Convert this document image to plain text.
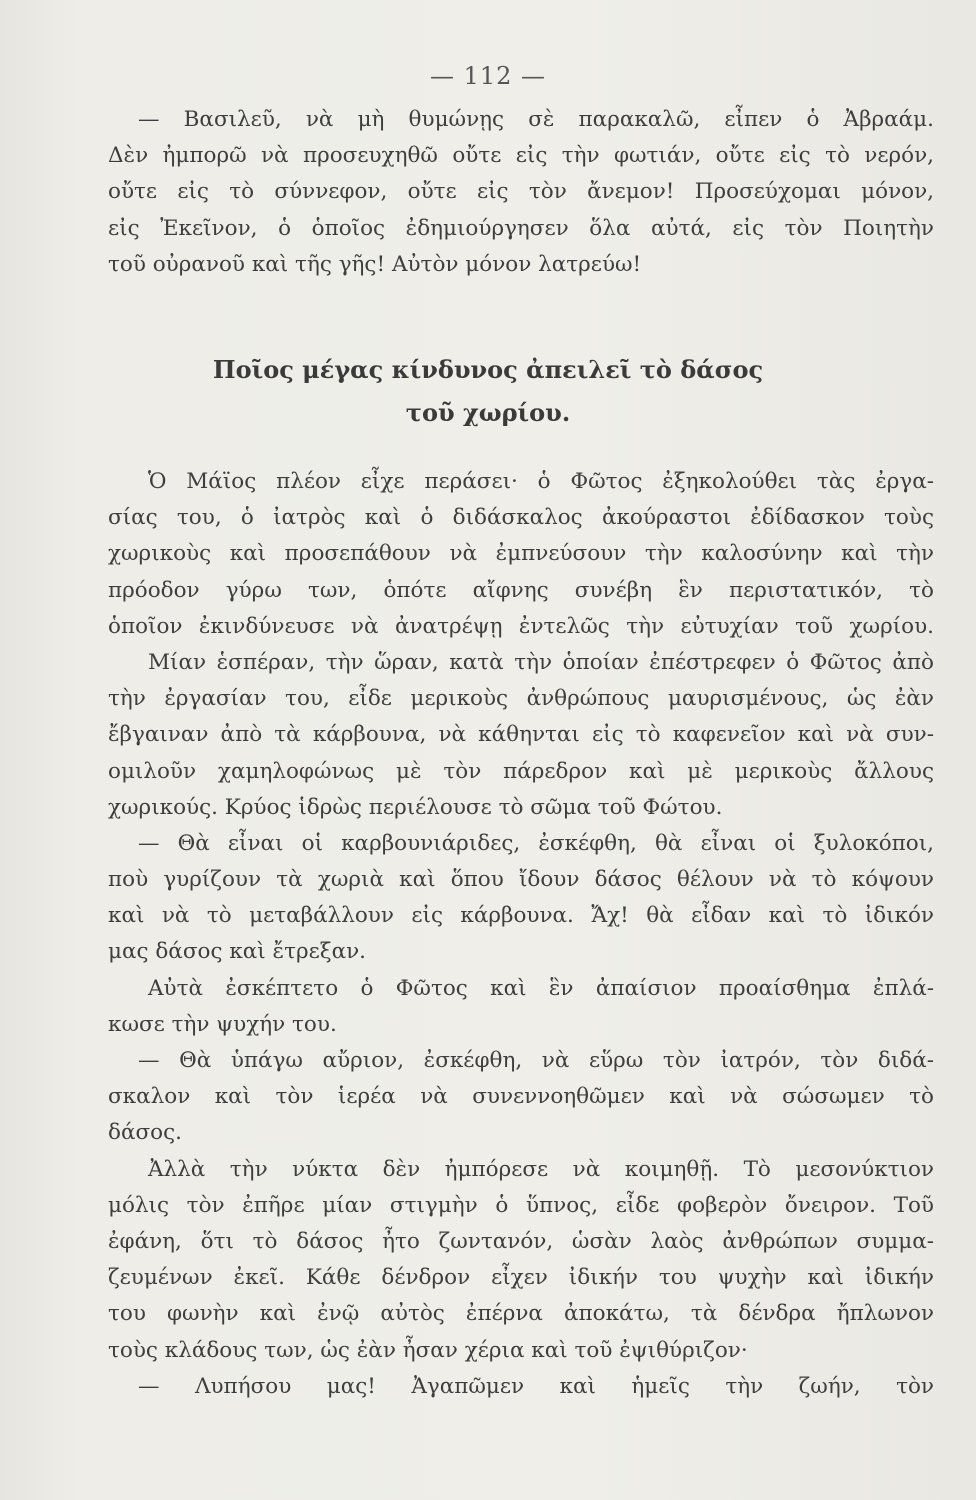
— 112 —
— Βασιλεῦ, νὰ μὴ θυμώνῃς σὲ παρακαλῶ, εἶπεν ὁ Ἀβραάμ.
Δὲν ἠμπορῶ νὰ προσευχηθῶ οὔτε εἰς τὴν φωτιάν, οὔτε εἰς τὸ νερόν,
οὔτε εἰς τὸ σύννεφον, οὔτε εἰς τὸν ἄνεμον! Προσεύχομαι μόνον,
εἰς Ἐκεῖνον, ὁ ὁποῖος ἐδημιούργησεν ὅλα αὐτά, εἰς τὸν Ποιητὴν
τοῦ οὐρανοῦ καὶ τῆς γῆς! Αὐτὸν μόνον λατρεύω!
Ποῖος μέγας κίνδυνος ἀπειλεῖ τὸ δάσος
τοῦ χωρίου.
Ὁ Μάϊος πλέον εἶχε περάσει· ὁ Φῶτος ἐξηκολούθει τὰς ἐργα-
σίας του, ὁ ἰατρὸς καὶ ὁ διδάσκαλος ἀκούραστοι ἐδίδασκον τοὺς
χωρικοὺς καὶ προσεπάθουν νὰ ἐμπνεύσουν τὴν καλοσύνην καὶ τὴν
πρόοδον γύρω των, ὁπότε αἴφνης συνέβη ἓν περιστατικόν, τὸ
ὁποῖον ἐκινδύνευσε νὰ ἀνατρέψῃ ἐντελῶς τὴν εὐτυχίαν τοῦ χωρίου.
Μίαν ἑσπέραν, τὴν ὥραν, κατὰ τὴν ὁποίαν ἐπέστρεφεν ὁ Φῶτος ἀπὸ
τὴν ἐργασίαν του, εἶδε μερικοὺς ἀνθρώπους μαυρισμένους, ὡς ἐὰν
ἔβγαιναν ἀπὸ τὰ κάρβουνα, νὰ κάθηνται εἰς τὸ καφενεῖον καὶ νὰ συν-
ομιλοῦν χαμηλοφώνως μὲ τὸν πάρεδρον καὶ μὲ μερικοὺς ἄλλους
χωρικούς. Κρύος ἱδρὼς περιέλουσε τὸ σῶμα τοῦ Φώτου.
— Θὰ εἶναι οἱ καρβουνιάριδες, ἐσκέφθη, θὰ εἶναι οἱ ξυλοκόποι,
ποὺ γυρίζουν τὰ χωριὰ καὶ ὅπου ἴδουν δάσος θέλουν νὰ τὸ κόψουν
καὶ νὰ τὸ μεταβάλλουν εἰς κάρβουνα. Ἄχ! θὰ εἶδαν καὶ τὸ ἰδικόν
μας δάσος καὶ ἔτρεξαν.
Αὐτὰ ἐσκέπτετο ὁ Φῶτος καὶ ἓν ἀπαίσιον προαίσθημα ἐπλά-
κωσε τὴν ψυχήν του.
— Θὰ ὑπάγω αὔριον, ἐσκέφθη, νὰ εὕρω τὸν ἰατρόν, τὸν διδά-
σκαλον καὶ τὸν ἱερέα νὰ συνεννοηθῶμεν καὶ νὰ σώσωμεν τὸ
δάσος.
Ἀλλὰ τὴν νύκτα δὲν ἠμπόρεσε νὰ κοιμηθῇ. Τὸ μεσονύκτιον
μόλις τὸν ἐπῆρε μίαν στιγμὴν ὁ ὕπνος, εἶδε φοβερὸν ὄνειρον. Τοῦ
ἐφάνη, ὅτι τὸ δάσος ἦτο ζωντανόν, ὡσὰν λαὸς ἀνθρώπων συμμα-
ζευμένων ἐκεῖ. Κάθε δένδρον εἶχεν ἰδικήν του ψυχὴν καὶ ἰδικήν
του φωνὴν καὶ ἐνῷ αὐτὸς ἐπέρνα ἀποκάτω, τὰ δένδρα ἤπλωνον
τοὺς κλάδους των, ὡς ἐὰν ἦσαν χέρια καὶ τοῦ ἐψιθύριζον·
— Λυπήσου μας! Ἀγαπῶμεν καὶ ἡμεῖς τὴν ζωήν, τὸν
